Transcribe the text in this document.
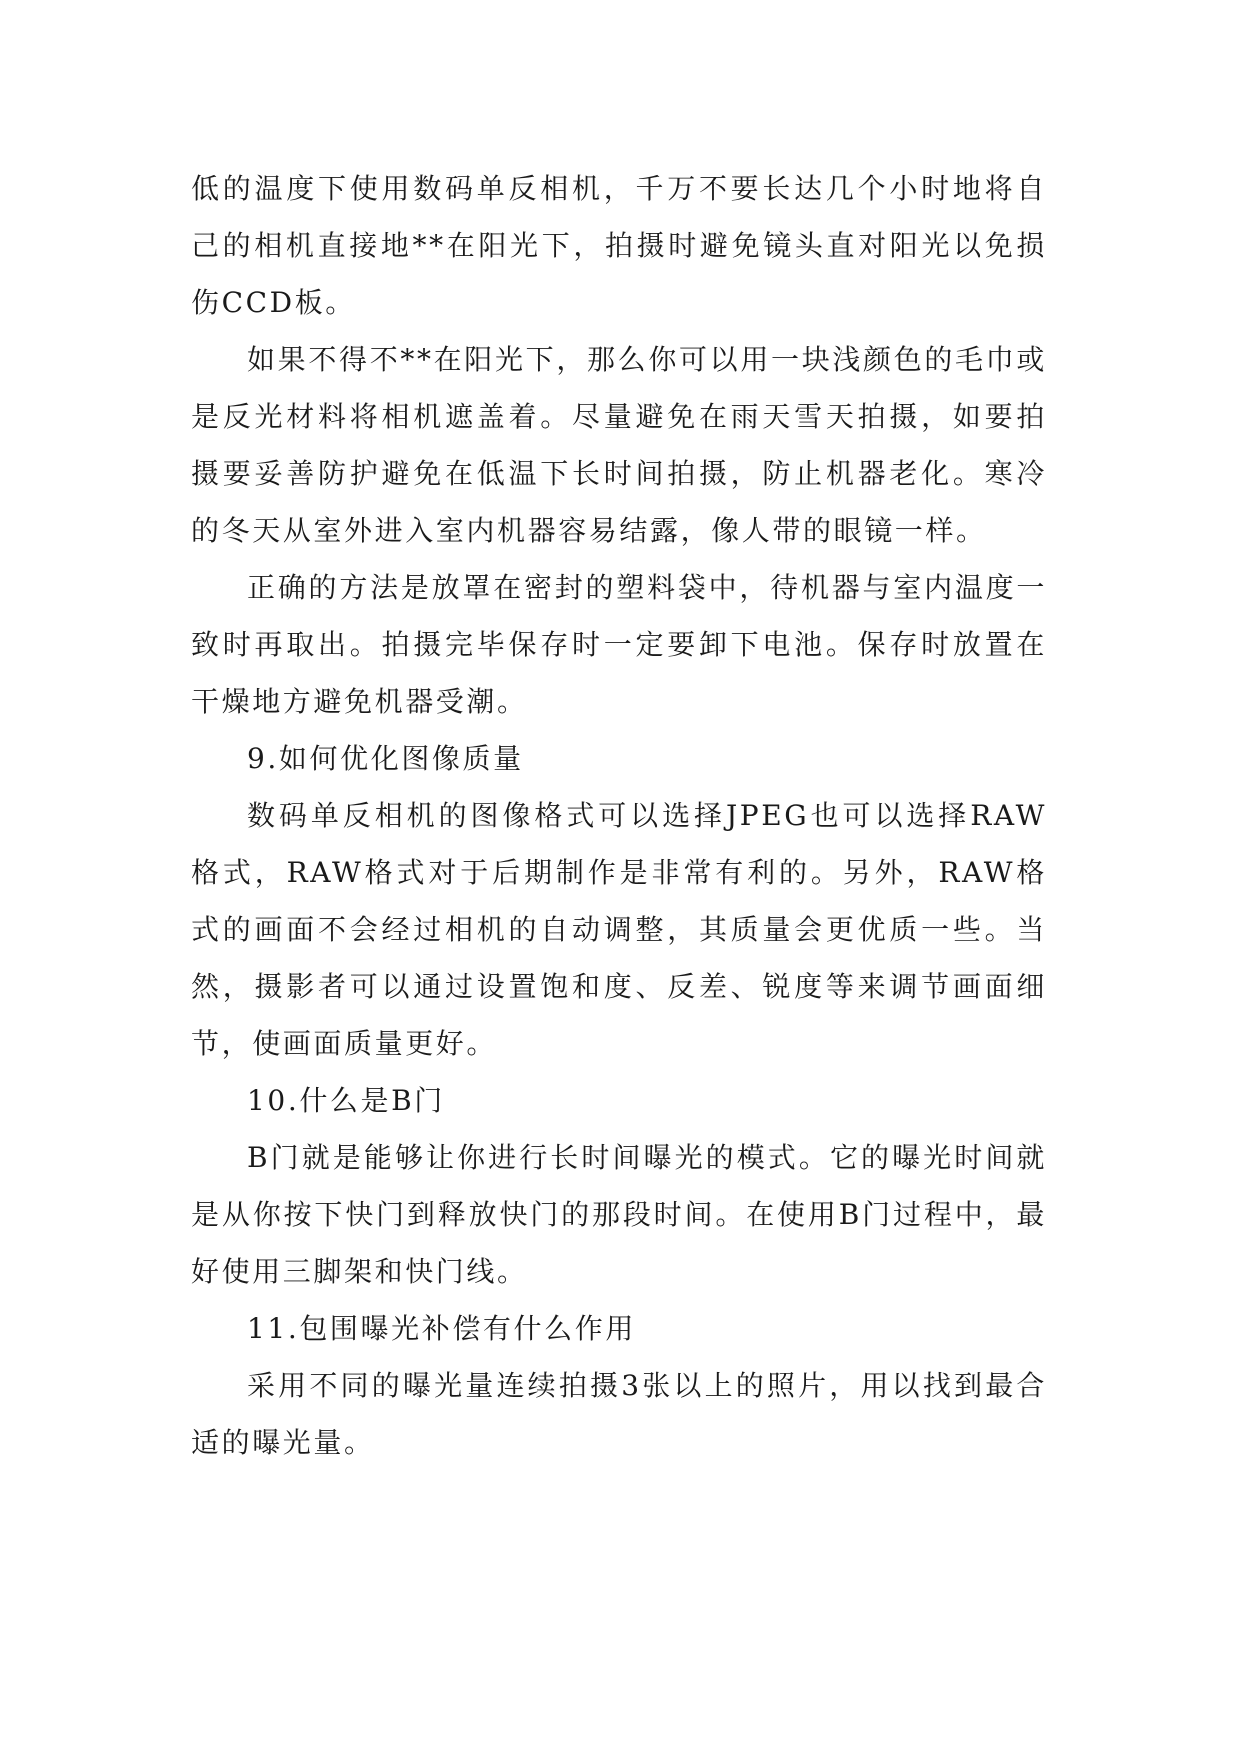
低的温度下使用数码单反相机，千万不要长达几个小时地将自己的相机直接地**在阳光下，拍摄时避免镜头直对阳光以免损伤CCD板。

如果不得不**在阳光下，那么你可以用一块浅颜色的毛巾或是反光材料将相机遮盖着。尽量避免在雨天雪天拍摄，如要拍摄要妥善防护避免在低温下长时间拍摄，防止机器老化。寒冷的冬天从室外进入室内机器容易结露，像人带的眼镜一样。

正确的方法是放罩在密封的塑料袋中，待机器与室内温度一致时再取出。拍摄完毕保存时一定要卸下电池。保存时放置在干燥地方避免机器受潮。

9.如何优化图像质量

数码单反相机的图像格式可以选择JPEG也可以选择RAW格式，RAW格式对于后期制作是非常有利的。另外，RAW格式的画面不会经过相机的自动调整，其质量会更优质一些。当然，摄影者可以通过设置饱和度、反差、锐度等来调节画面细节，使画面质量更好。

10.什么是B门

B门就是能够让你进行长时间曝光的模式。它的曝光时间就是从你按下快门到释放快门的那段时间。在使用B门过程中，最好使用三脚架和快门线。

11.包围曝光补偿有什么作用

采用不同的曝光量连续拍摄3张以上的照片，用以找到最合适的曝光量。
